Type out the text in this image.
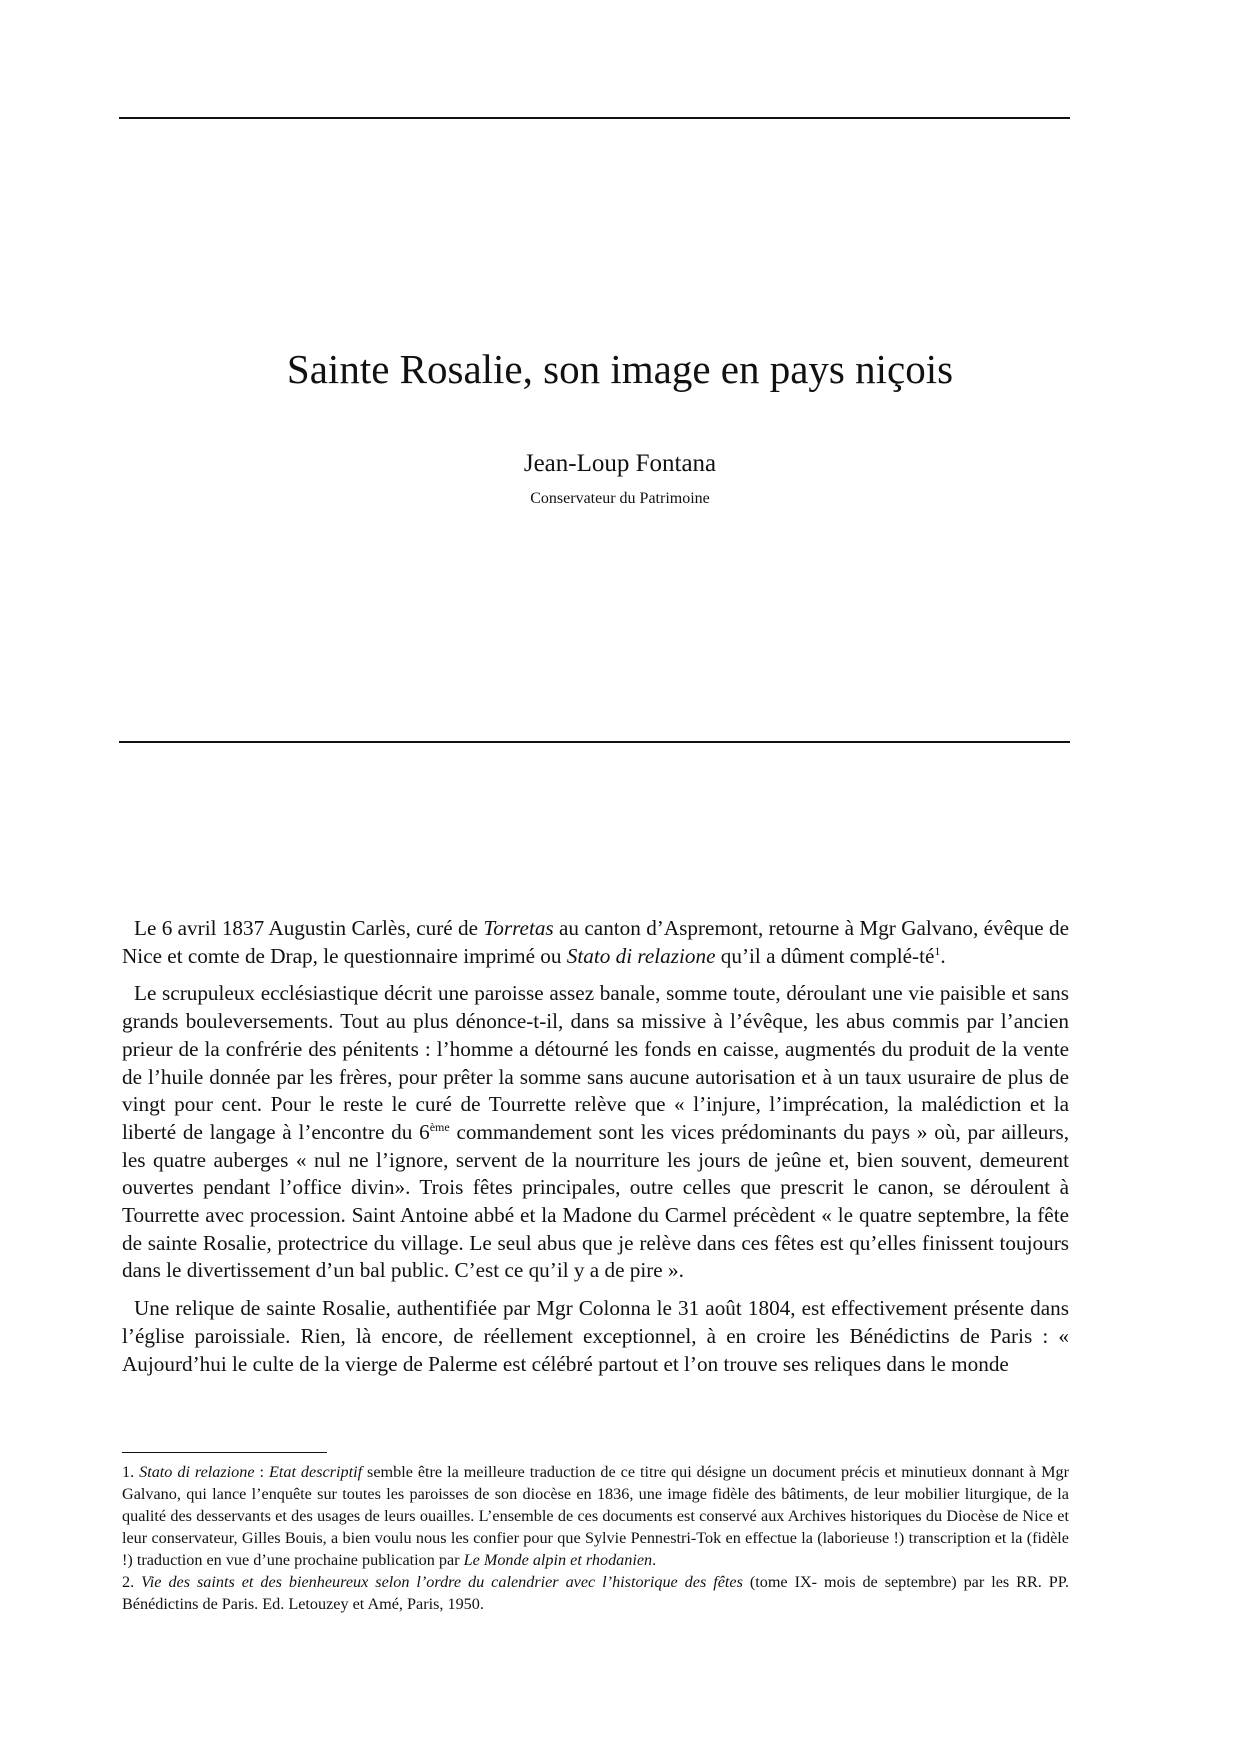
Sainte Rosalie, son image en pays niçois
Jean-Loup Fontana
Conservateur du Patrimoine

Le 6 avril 1837 Augustin Carlès, curé de Torretas au canton d’Aspremont, retourne à Mgr Galvano, évêque de Nice et comte de Drap, le questionnaire imprimé ou Stato di relazione qu’il a dûment complé-$té^1$.

Le scrupuleux ecclésiastique décrit une paroisse assez banale, somme toute, déroulant une vie paisible et sans grands bouleversements. Tout au plus dénonce-t-il, dans sa missive à l’évêque, les abus commis par l’ancien prieur de la confrérie des pénitents : l’homme a détourné les fonds en caisse, augmentés du produit de la vente de l’huile donnée par les frères, pour prêter la somme sans aucune autorisation et à un taux usuraire de plus de vingt pour cent. Pour le reste le curé de Tourrette relève que « l’injure, l’imprécation, la malédiction et la liberté de langage à l’encontre du 6ème commandement sont les vices prédominants du pays » où, par ailleurs, les quatre auberges « nul ne l’ignore, servent de la nourriture les jours de jeûne et, bien souvent, demeurent ouvertes pendant l’office divin». Trois fêtes principales, outre celles que prescrit le canon, se déroulent à Tourrette avec procession. Saint Antoine abbé et la Madone du Carmel précèdent « le quatre septembre, la fête de sainte Rosalie, protectrice du village. Le seul abus que je relève dans ces fêtes est qu’elles finissent toujours dans le divertissement d’un bal public. C’est ce qu’il y a de pire ».

Une relique de sainte Rosalie, authentifiée par Mgr Colonna le 31 août 1804, est effectivement présente dans l’église paroissiale. Rien, là encore, de réellement exceptionnel, à en croire les Bénédictins de Paris : « Aujourd’hui le culte de la vierge de Palerme est célébré partout et l’on trouve ses reliques dans le monde

1. Stato di relazione : Etat descriptif semble être la meilleure traduction de ce titre qui désigne un document précis et minutieux donnant à Mgr Galvano, qui lance l’enquête sur toutes les paroisses de son diocèse en 1836, une image fidèle des bâtiments, de leur mobilier liturgique, de la qualité des desservants et des usages de leurs ouailles. L’ensemble de ces documents est conservé aux Archives historiques du Diocèse de Nice et leur conservateur, Gilles Bouis, a bien voulu nous les confier pour que Sylvie Pennestri-Tok en effectue la (laborieuse !) transcription et la (fidèle !) traduction en vue d’une prochaine publication par Le Monde alpin et rhodanien.

2. Vie des saints et des bienheureux selon l’ordre du calendrier avec l’historique des fêtes (tome IX- mois de septembre) par les RR. PP. Bénédictins de Paris. Ed. Letouzey et Amé, Paris, 1950.
